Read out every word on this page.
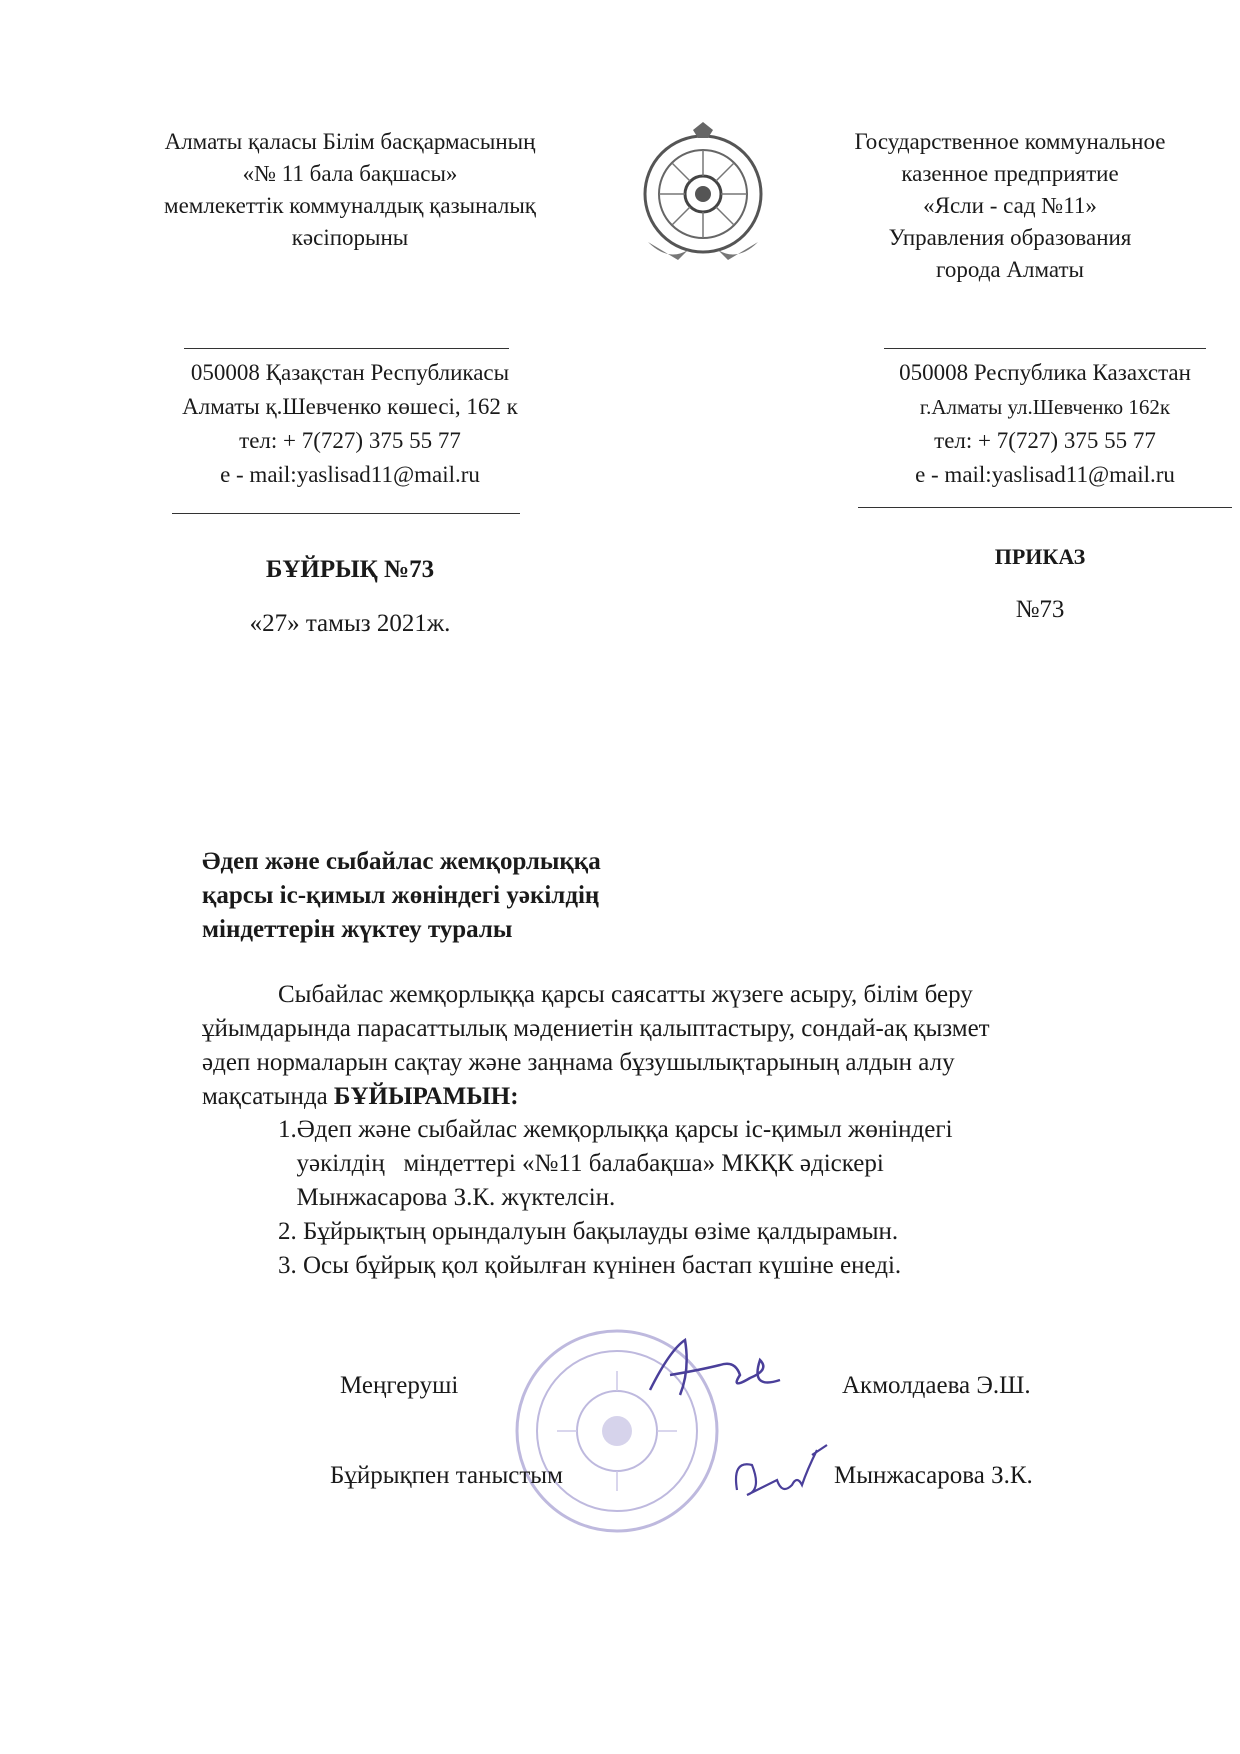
Алматы қаласы Білім басқармасының
«№ 11 бала бақшасы»
мемлекеттік коммуналдық қазыналық
кәсіпорыны
Государственное коммунальное
казенное предприятие
«Ясли - сад №11»
Управления образования
города Алматы
050008 Қазақстан Республикасы
Алматы қ.Шевченко көшесі, 162 к
тел: + 7(727) 375 55 77
e - mail:yaslisad11@mail.ru
050008 Республика Казахстан
г.Алматы ул.Шевченко 162к
тел: + 7(727) 375 55 77
e - mail:yaslisad11@mail.ru
БҰЙРЫҚ №73
«27» тамыз 2021ж.
ПРИКАЗ
№73
Әдеп және сыбайлас жемқорлыққа
қарсы іс-қимыл жөніндегі уәкілдің
міндеттерін жүктеу туралы
Сыбайлас жемқорлыққа қарсы саясатты жүзеге асыру, білім беру
ұйымдарында парасаттылық мәдениетін қалыптастыру, сондай-ақ қызмет
әдеп нормаларын сақтау және заңнама бұзушылықтарының алдын алу
мақсатында БҰЙЫРАМЫН:
1.Әдеп және сыбайлас жемқорлыққа қарсы іс-қимыл жөніндегі
уәкілдің   міндеттері «№11 балабақша» МКҚК әдіскері
Мынжасарова З.К. жүктелсін.
2. Бұйрықтың орындалуын бақылауды өзіме қалдырамын.
3. Осы бұйрық қол қойылған күнінен бастап күшіне енеді.
Меңгеруші	Акмолдаева Э.Ш.
Бұйрықпен таныстым	Мынжасарова З.К.
